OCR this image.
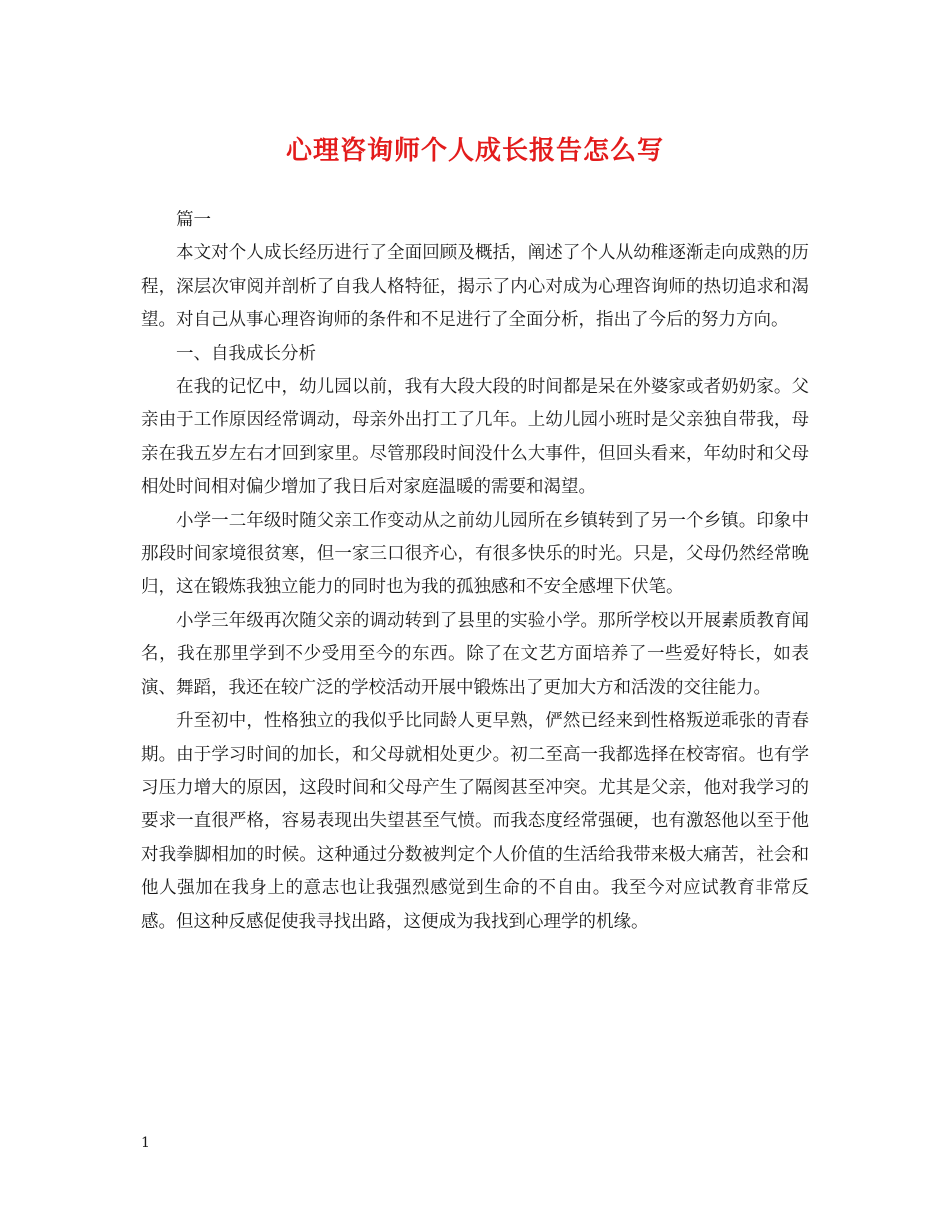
心理咨询师个人成长报告怎么写

篇一

本文对个人成长经历进行了全面回顾及概括，阐述了个人从幼稚逐渐走向成熟的历程，深层次审阅并剖析了自我人格特征，揭示了内心对成为心理咨询师的热切追求和渴望。对自己从事心理咨询师的条件和不足进行了全面分析，指出了今后的努力方向。

一、自我成长分析

在我的记忆中，幼儿园以前，我有大段大段的时间都是呆在外婆家或者奶奶家。父亲由于工作原因经常调动，母亲外出打工了几年。上幼儿园小班时是父亲独自带我，母亲在我五岁左右才回到家里。尽管那段时间没什么大事件，但回头看来，年幼时和父母相处时间相对偏少增加了我日后对家庭温暖的需要和渴望。

小学一二年级时随父亲工作变动从之前幼儿园所在乡镇转到了另一个乡镇。印象中那段时间家境很贫寒，但一家三口很齐心，有很多快乐的时光。只是，父母仍然经常晚归，这在锻炼我独立能力的同时也为我的孤独感和不安全感埋下伏笔。

小学三年级再次随父亲的调动转到了县里的实验小学。那所学校以开展素质教育闻名，我在那里学到不少受用至今的东西。除了在文艺方面培养了一些爱好特长，如表演、舞蹈，我还在较广泛的学校活动开展中锻炼出了更加大方和活泼的交往能力。

升至初中，性格独立的我似乎比同龄人更早熟，俨然已经来到性格叛逆乖张的青春期。由于学习时间的加长，和父母就相处更少。初二至高一我都选择在校寄宿。也有学习压力增大的原因，这段时间和父母产生了隔阂甚至冲突。尤其是父亲，他对我学习的要求一直很严格，容易表现出失望甚至气愤。而我态度经常强硬，也有激怒他以至于他对我拳脚相加的时候。这种通过分数被判定个人价值的生活给我带来极大痛苦，社会和他人强加在我身上的意志也让我强烈感觉到生命的不自由。我至今对应试教育非常反感。但这种反感促使我寻找出路，这便成为我找到心理学的机缘。

1
